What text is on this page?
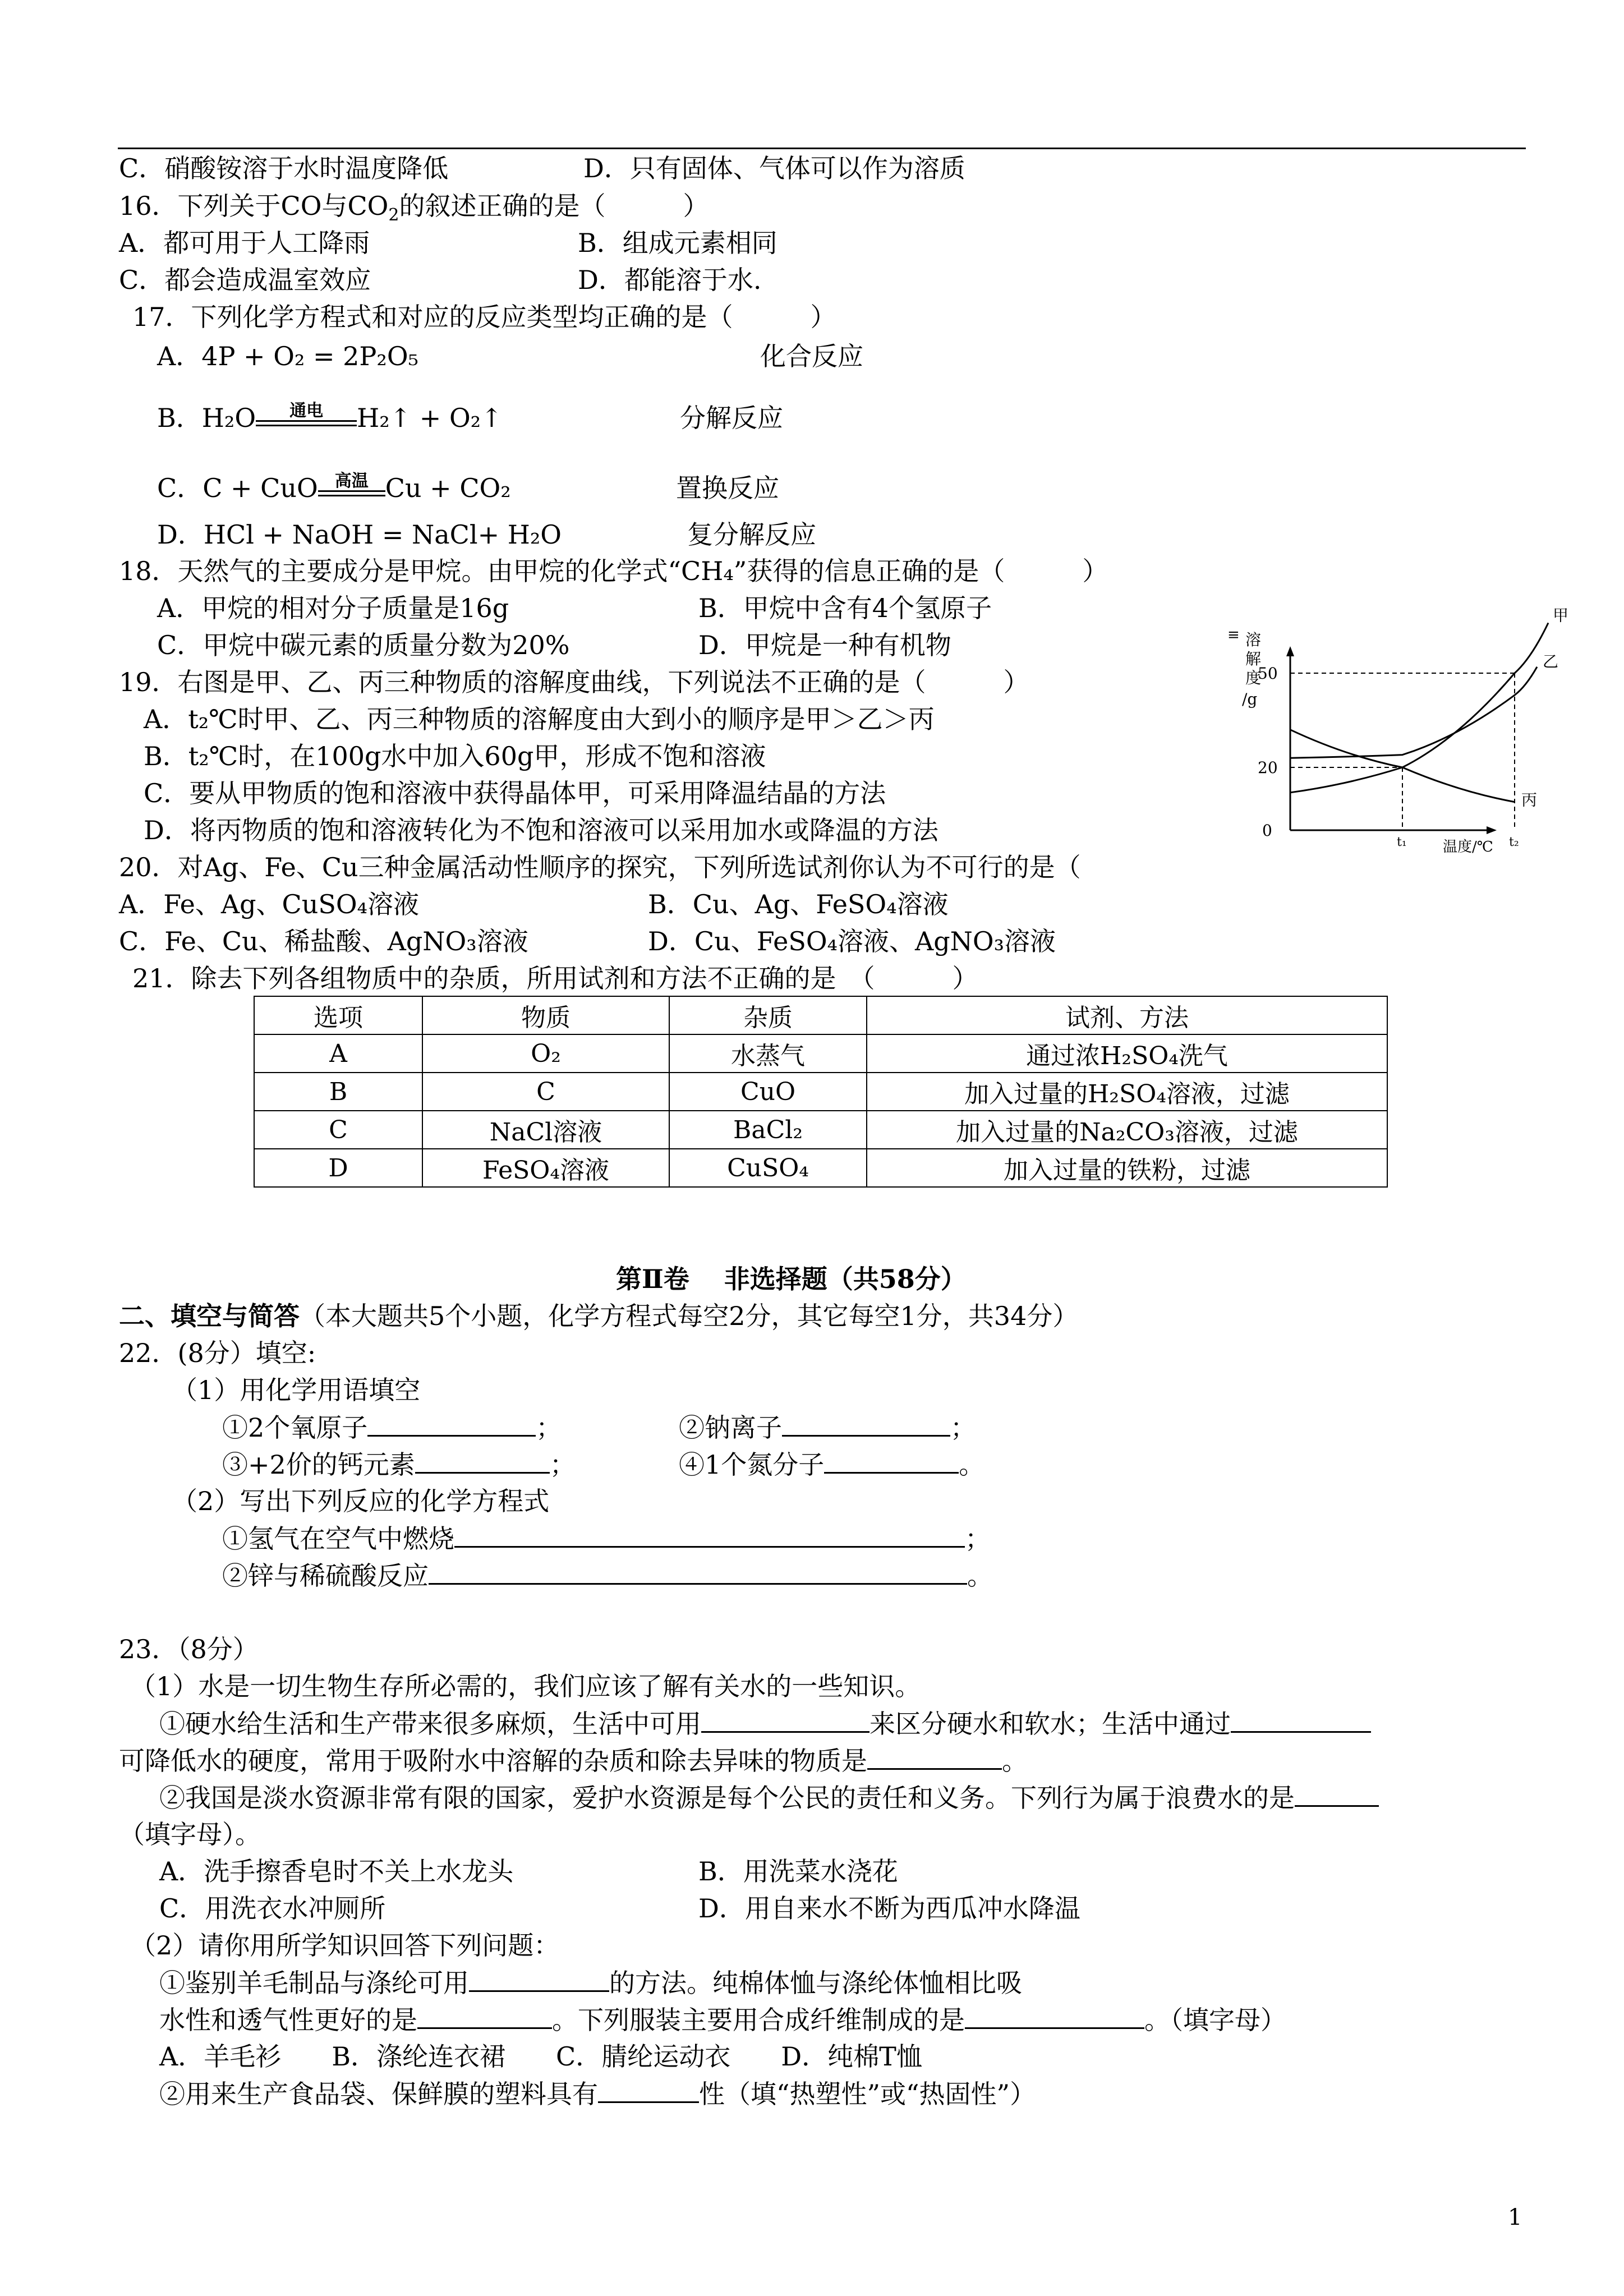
C．硝酸铵溶于水时温度降低	D．只有固体、气体可以作为溶质
16．下列关于CO与$CO_2$的叙述正确的是（　　　）
A．都可用于人工降雨	B．组成元素相同
C．都会造成温室效应	D．都能溶于水.
17．下列化学方程式和对应的反应类型均正确的是（　　　）
A．4P + O₂ = 2P₂O₅	化合反应
B．H₂O	通电	H₂↑ + O₂↑	分解反应
C．C + CuO	高温 Cu + CO₂	置换反应
D．HCl + NaOH = NaCl+ H₂O	复分解反应
18．天然气的主要成分是甲烷。由甲烷的化学式“CH₄”获得的信息正确的是（　　　）
A．甲烷的相对分子质量是16g	B．甲烷中含有4个氢原子
C．甲烷中碳元素的质量分数为20%	D．甲烷是一种有机物
19．右图是甲、乙、丙三种物质的溶解度曲线，下列说法不正确的是（　　　）
A．t₂℃时甲、乙、丙三种物质的溶解度由大到小的顺序是甲＞乙＞丙
B．t₂℃时，在100g水中加入60g甲，形成不饱和溶液
C．要从甲物质的饱和溶液中获得晶体甲，可采用降温结晶的方法
D．将丙物质的饱和溶液转化为不饱和溶液可以采用加水或降温的方法
≡ 溶
解
度
/g
温度/℃
50
20
0
t₁	t₂
甲
乙
丙
20．对Ag、Fe、Cu三种金属活动性顺序的探究，下列所选试剂你认为不可行的是（
A．Fe、Ag、CuSO₄溶液	B．Cu、Ag、FeSO₄溶液
C．Fe、Cu、稀盐酸、AgNO₃溶液	D．Cu、FeSO₄溶液、AgNO₃溶液
21．除去下列各组物质中的杂质，所用试剂和方法不正确的是　（　　　）
选项	物质	杂质	试剂、方法
A	O₂	水蒸气	通过浓H₂SO₄洗气
B	C	CuO	加入过量的H₂SO₄溶液，过滤
C	NaCl溶液	BaCl₂	加入过量的Na₂CO₃溶液，过滤
D	FeSO₄溶液	CuSO₄	加入过量的铁粉，过滤
第Ⅱ卷　 非选择题（共58分）
二、填空与简答（本大题共5个小题，化学方程式每空2分，其它每空1分，共34分）
22．(8分）填空:
（1）用化学用语填空
①2个氧原子	；	②钠离子	；
③+2价的钙元素	；	④1个氮分子	。
（2）写出下列反应的化学方程式
①氢气在空气中燃烧	；
②锌与稀硫酸反应	。
23．（8分）
（1）水是一切生物生存所必需的，我们应该了解有关水的一些知识。
①硬水给生活和生产带来很多麻烦，生活中可用	来区分硬水和软水；生活中通过
可降低水的硬度，常用于吸附水中溶解的杂质和除去异味的物质是	。
②我国是淡水资源非常有限的国家，爱护水资源是每个公民的责任和义务。下列行为属于浪费水的是
（填字母）。
A．洗手擦香皂时不关上水龙头	B．用洗菜水浇花
C．用洗衣水冲厕所	D．用自来水不断为西瓜冲水降温
（2）请你用所学知识回答下列问题：
①鉴别羊毛制品与涤纶可用	的方法。纯棉体恤与涤纶体恤相比吸
水性和透气性更好的是	。下列服装主要用合成纤维制成的是	。（填字母）
A．羊毛衫 B．涤纶连衣裙 C．腈纶运动衣 D．纯棉T恤
②用来生产食品袋、保鲜膜的塑料具有	性（填“热塑性”或“热固性”）
1
